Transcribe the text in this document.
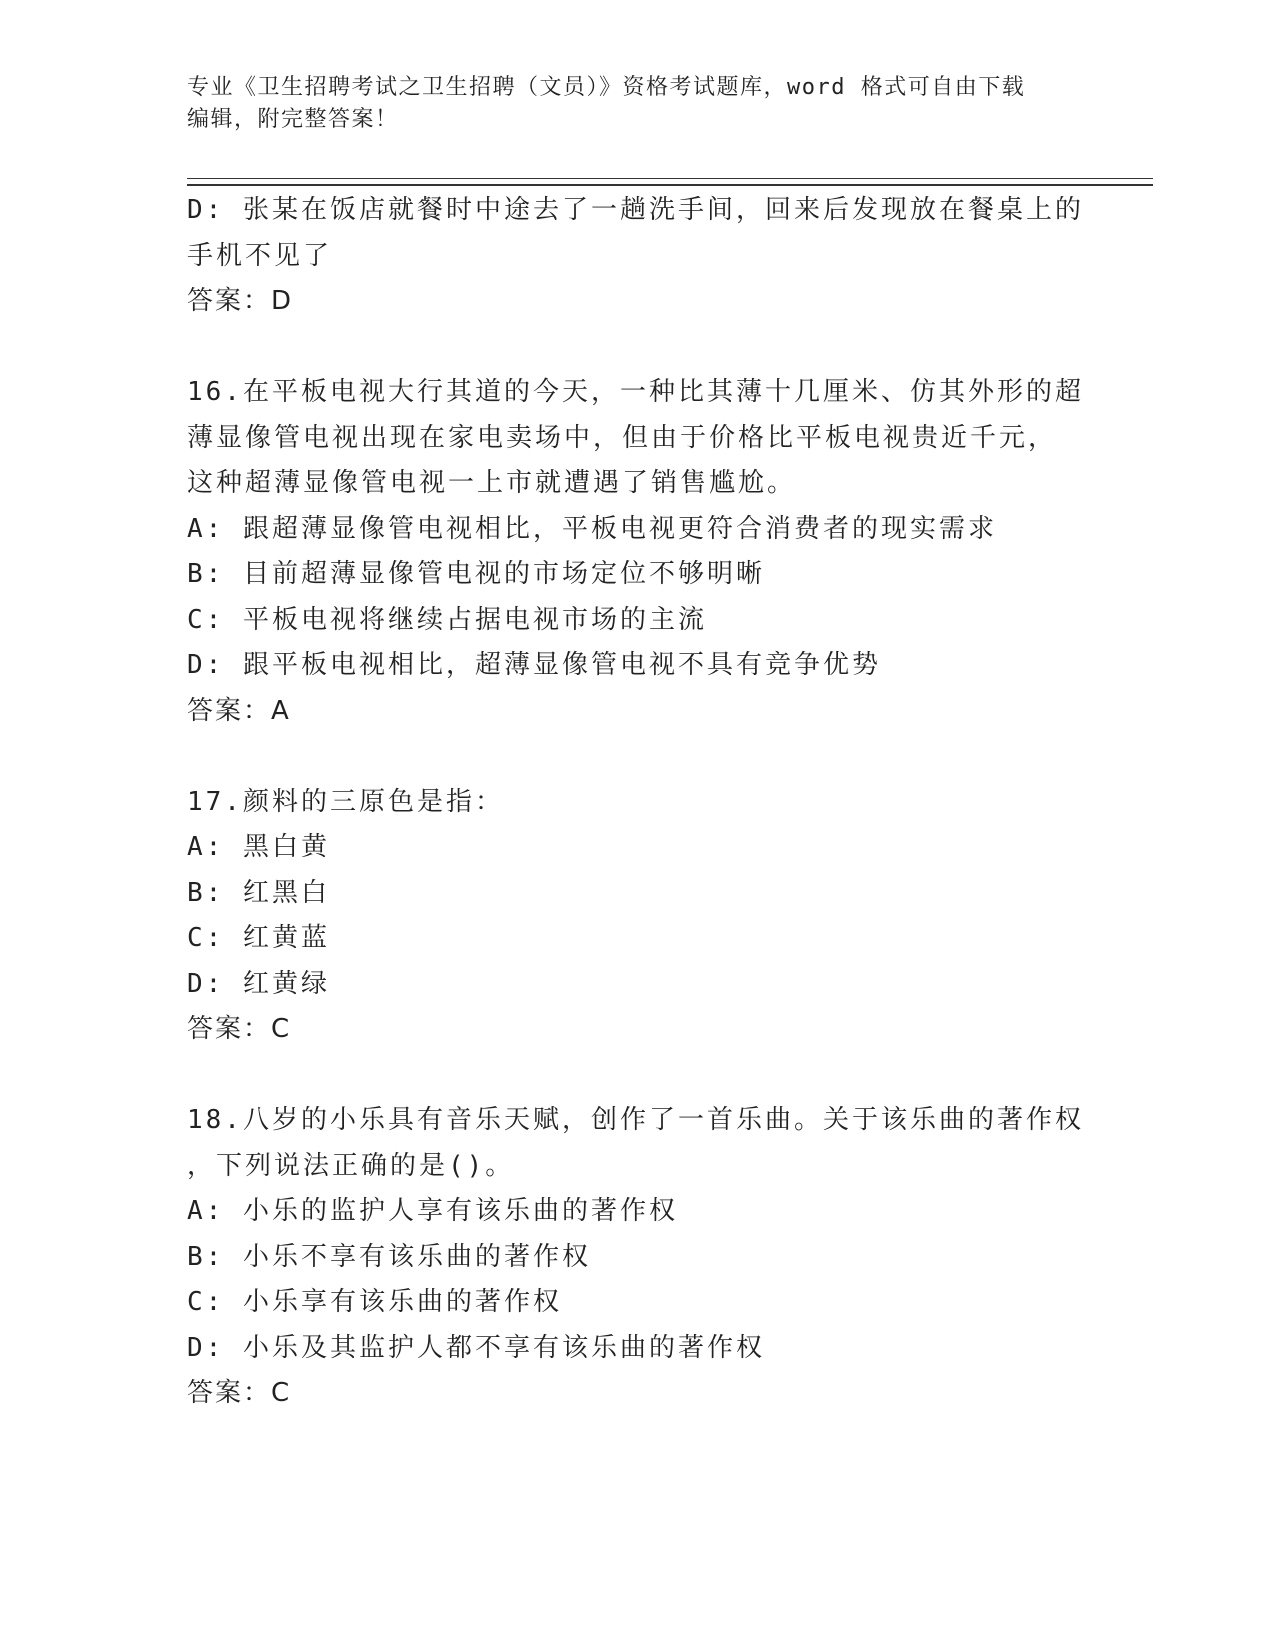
专业《卫生招聘考试之卫生招聘（文员）》资格考试题库，word 格式可自由下载
编辑，附完整答案！

D: 张某在饭店就餐时中途去了一趟洗手间，回来后发现放在餐桌上的

手机不见了

答案：D

16.在平板电视大行其道的今天，一种比其薄十几厘米、仿其外形的超

薄显像管电视出现在家电卖场中，但由于价格比平板电视贵近千元，

这种超薄显像管电视一上市就遭遇了销售尴尬。

A: 跟超薄显像管电视相比，平板电视更符合消费者的现实需求

B: 目前超薄显像管电视的市场定位不够明晰

C: 平板电视将继续占据电视市场的主流

D: 跟平板电视相比，超薄显像管电视不具有竞争优势

答案：A

17.颜料的三原色是指：

A: 黑白黄

B: 红黑白

C: 红黄蓝

D: 红黄绿

答案：C

18.八岁的小乐具有音乐天赋，创作了一首乐曲。关于该乐曲的著作权

，下列说法正确的是()。

A: 小乐的监护人享有该乐曲的著作权

B: 小乐不享有该乐曲的著作权

C: 小乐享有该乐曲的著作权

D: 小乐及其监护人都不享有该乐曲的著作权

答案：C
